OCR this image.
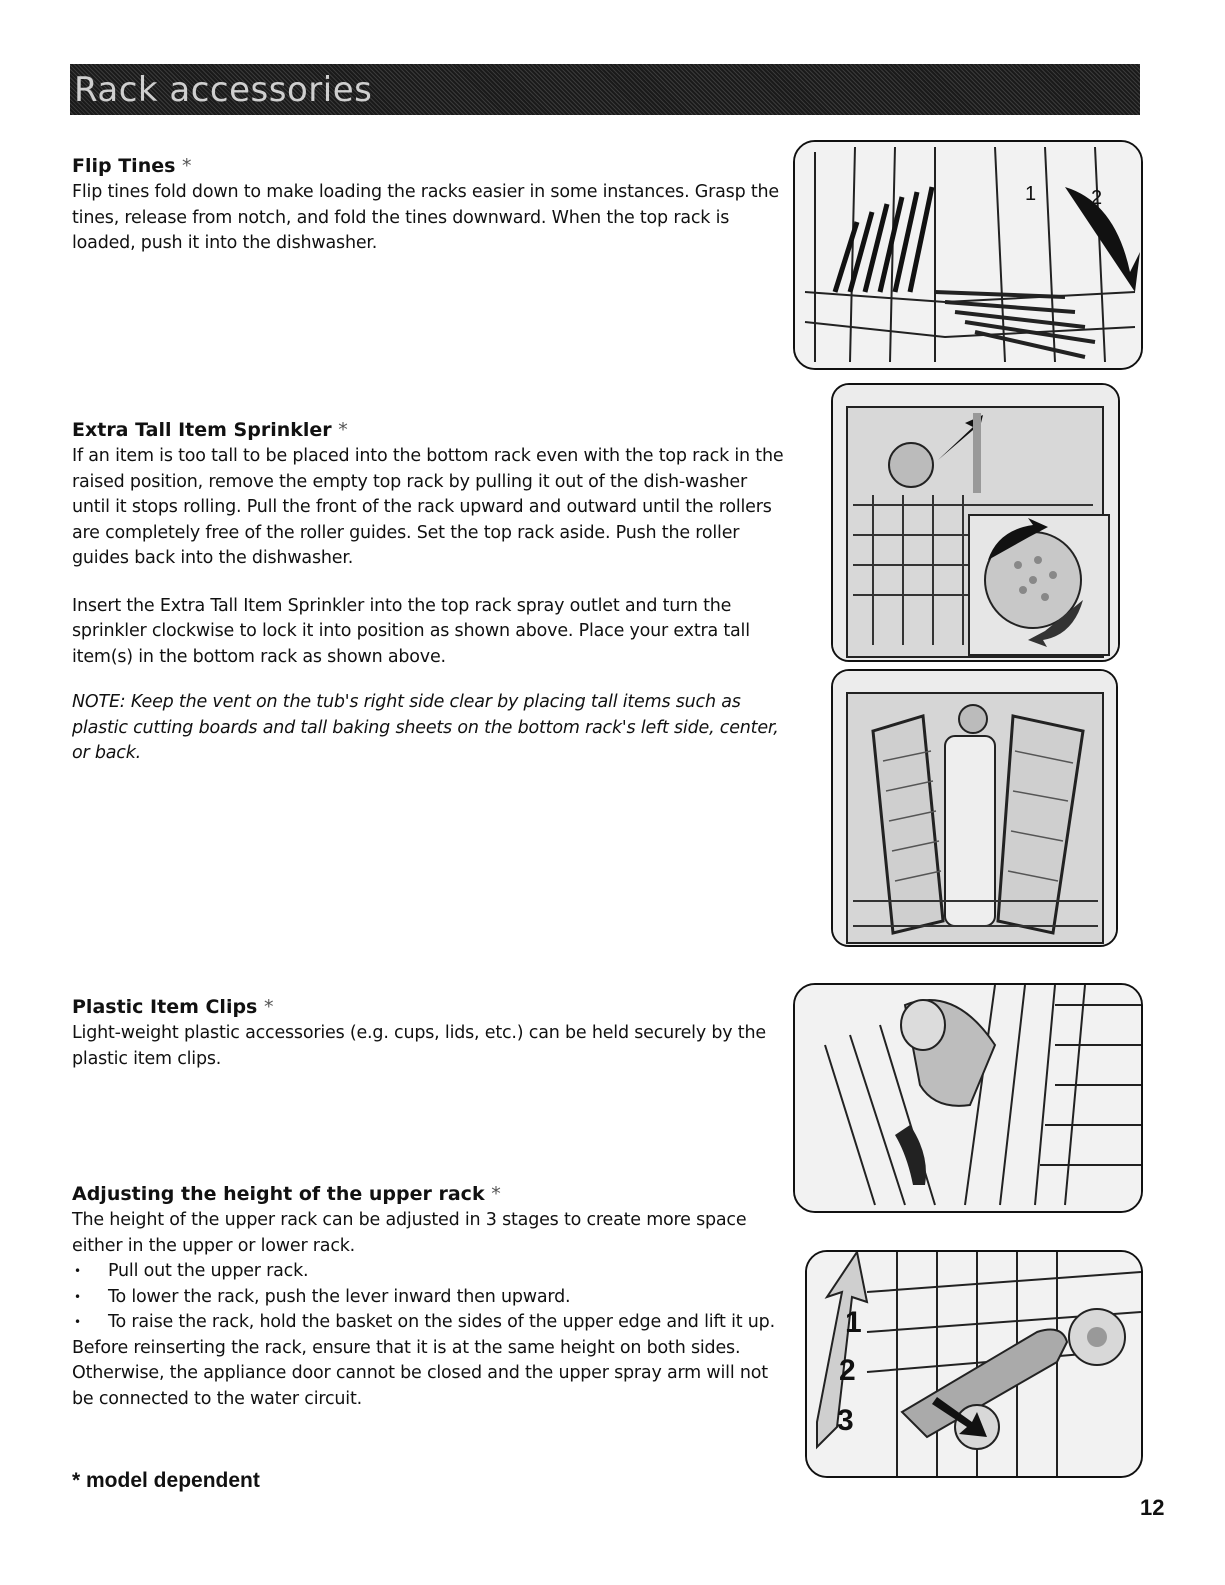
Rack accessories

Flip Tines *

Flip tines fold down to make loading the racks easier in some instances. Grasp the tines, release from notch, and fold the tines downward. When the top rack is loaded, push it into the dishwasher.

Extra Tall Item Sprinkler *

If an item is too tall to be placed into the bottom rack even with the top rack in the raised position, remove the empty top rack by pulling it out of the dish-washer until it stops rolling. Pull the front of the rack upward and outward until the rollers are completely free of the roller guides. Set the top rack aside. Push the roller guides back into the dishwasher.

Insert the Extra Tall Item Sprinkler into the top rack spray outlet and turn the sprinkler clockwise to lock it into position as shown above. Place your extra tall item(s) in the bottom rack as shown above.

NOTE: Keep the vent on the tub's right side clear by placing tall items such as plastic cutting boards and tall baking sheets on the bottom rack's left side, center, or back.

Plastic Item Clips *

Light-weight plastic accessories (e.g. cups, lids, etc.) can be held securely by the plastic item clips.

Adjusting the height of the upper rack *

The height of the upper rack can be adjusted in 3 stages to create more space either in the upper or lower rack.

• Pull out the upper rack.
• To lower the rack, push the lever inward then upward.
• To raise the rack, hold the basket on the sides of the upper edge and lift it up.

Before reinserting the rack, ensure that it is at the same height on both sides. Otherwise, the appliance door cannot be closed and the upper spray arm will not be connected to the water circuit.

1	2
1
2
3
* model dependent
12
